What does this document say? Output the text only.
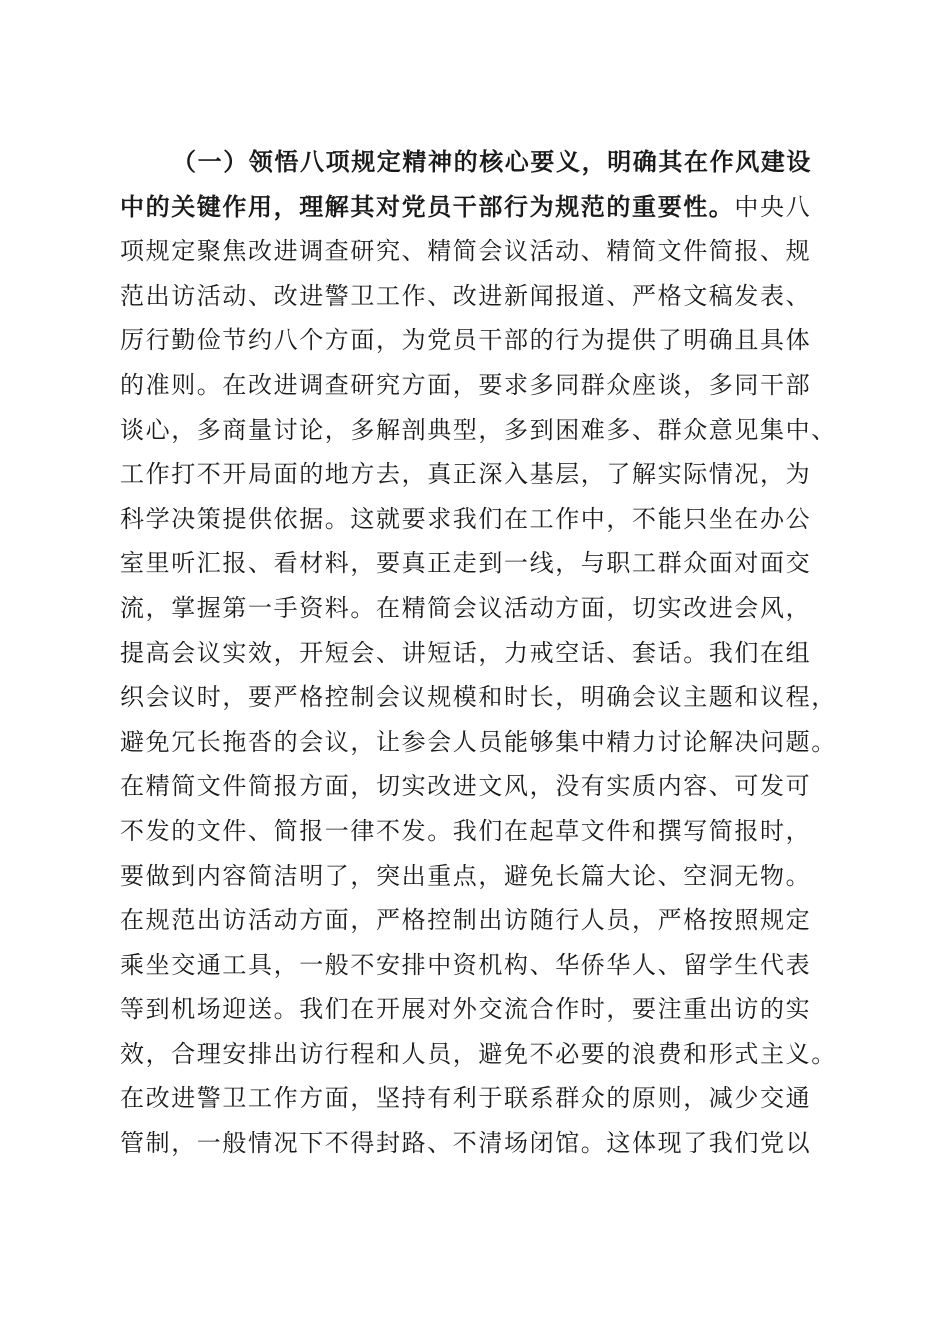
（一）领悟八项规定精神的核心要义，明确其在作风建设
中的关键作用，理解其对党员干部行为规范的重要性。中央八
项规定聚焦改进调查研究、精简会议活动、精简文件简报、规
范出访活动、改进警卫工作、改进新闻报道、严格文稿发表、
厉行勤俭节约八个方面，为党员干部的行为提供了明确且具体
的准则。在改进调查研究方面，要求多同群众座谈，多同干部
谈心，多商量讨论，多解剖典型，多到困难多、群众意见集中、
工作打不开局面的地方去，真正深入基层，了解实际情况，为
科学决策提供依据。这就要求我们在工作中，不能只坐在办公
室里听汇报、看材料，要真正走到一线，与职工群众面对面交
流，掌握第一手资料。在精简会议活动方面，切实改进会风，
提高会议实效，开短会、讲短话，力戒空话、套话。我们在组
织会议时，要严格控制会议规模和时长，明确会议主题和议程，
避免冗长拖沓的会议，让参会人员能够集中精力讨论解决问题。
在精简文件简报方面，切实改进文风，没有实质内容、可发可
不发的文件、简报一律不发。我们在起草文件和撰写简报时，
要做到内容简洁明了，突出重点，避免长篇大论、空洞无物。
在规范出访活动方面，严格控制出访随行人员，严格按照规定
乘坐交通工具，一般不安排中资机构、华侨华人、留学生代表
等到机场迎送。我们在开展对外交流合作时，要注重出访的实
效，合理安排出访行程和人员，避免不必要的浪费和形式主义。
在改进警卫工作方面，坚持有利于联系群众的原则，减少交通
管制，一般情况下不得封路、不清场闭馆。这体现了我们党以
